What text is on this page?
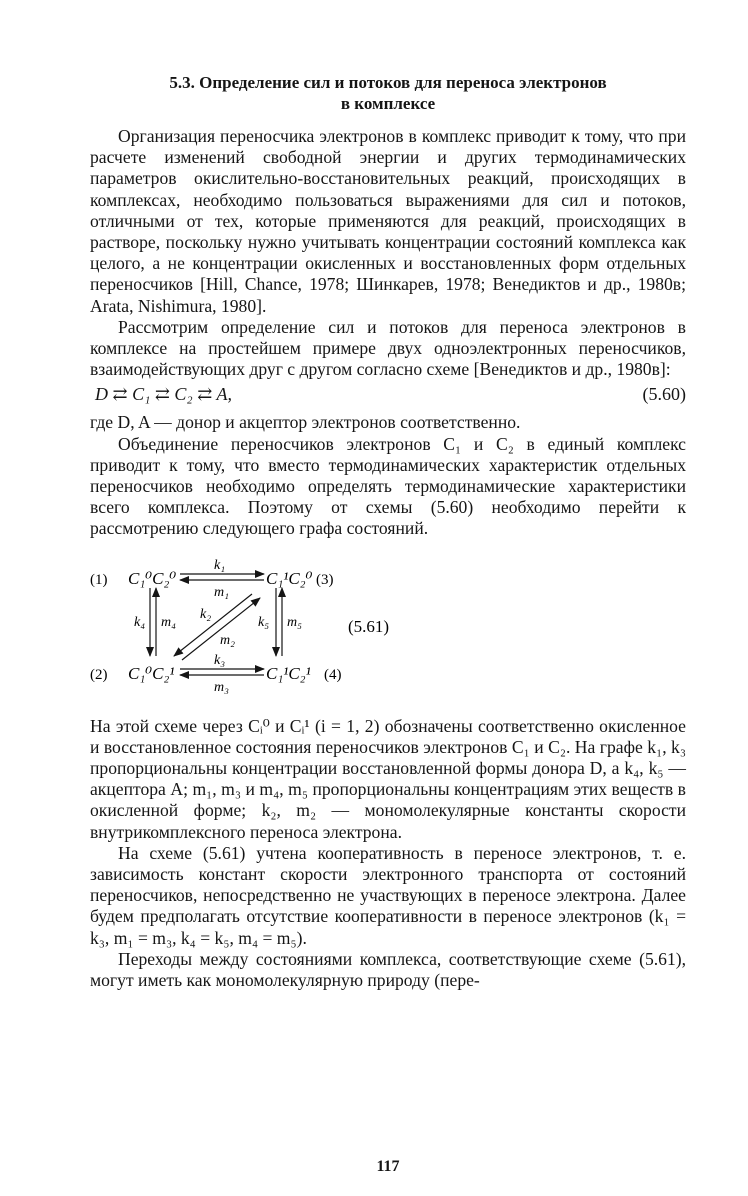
5.3. Определение сил и потоков для переноса электронов
в комплексе

Организация переносчика электронов в комплекс приводит к тому, что при расчете изменений свободной энергии и других термодинамических параметров окислительно-восстановительных реакций, происходящих в комплексах, необходимо пользоваться выражениями для сил и потоков, отличными от тех, которые применяются для реакций, происходящих в растворе, поскольку нужно учитывать концентрации состояний комплекса как целого, а не концентрации окисленных и восстановленных форм отдельных переносчиков [Hill, Chance, 1978; Шинкарев, 1978; Венедиктов и др., 1980в; Arata, Nishimura, 1980].

Рассмотрим определение сил и потоков для переноса электронов в комплексе на простейшем примере двух одноэлектронных переносчиков, взаимодействующих друг с другом согласно схеме [Венедиктов и др., 1980в]:

D ⇄ C₁ ⇄ C₂ ⇄ A,	(5.60)

где D, A — донор и акцептор электронов соответственно.

Объединение переносчиков электронов C₁ и C₂ в единый комплекс приводит к тому, что вместо термодинамических характеристик отдельных переносчиков необходимо определять термодинамические характеристики всего комплекса. Поэтому от схемы (5.60) необходимо перейти к рассмотрению следующего графа состояний.

(1)	(3)
(2)	(4)
C₁⁰C₂⁰	C₁¹C₂⁰
C₁⁰C₂¹	C₁¹C₂¹
k₁
m₁
k₃
m₃
k₄ m₄	k₅ m₅
k₂
m₂
(5.61)

На этой схеме через Cᵢ⁰ и Cᵢ¹ (i = 1, 2) обозначены соответственно окисленное и восстановленное состояния переносчиков электронов C₁ и C₂. На графе k₁, k₃ пропорциональны концентрации восстановленной формы донора D, а k₄, k₅ — акцептора A; m₁, m₃ и m₄, m₅ пропорциональны концентрациям этих веществ в окисленной форме; k₂, m₂ — мономолекулярные константы скорости внутрикомплексного переноса электрона.

На схеме (5.61) учтена кооперативность в переносе электронов, т. е. зависимость констант скорости электронного транспорта от состояний переносчиков, непосредственно не участвующих в переносе электрона. Далее будем предполагать отсутствие кооперативности в переносе электронов (k₁ = k₃, m₁ = m₃, k₄ = k₅, m₄ = m₅).

Переходы между состояниями комплекса, соответствующие схеме (5.61), могут иметь как мономолекулярную природу (пере-

117
